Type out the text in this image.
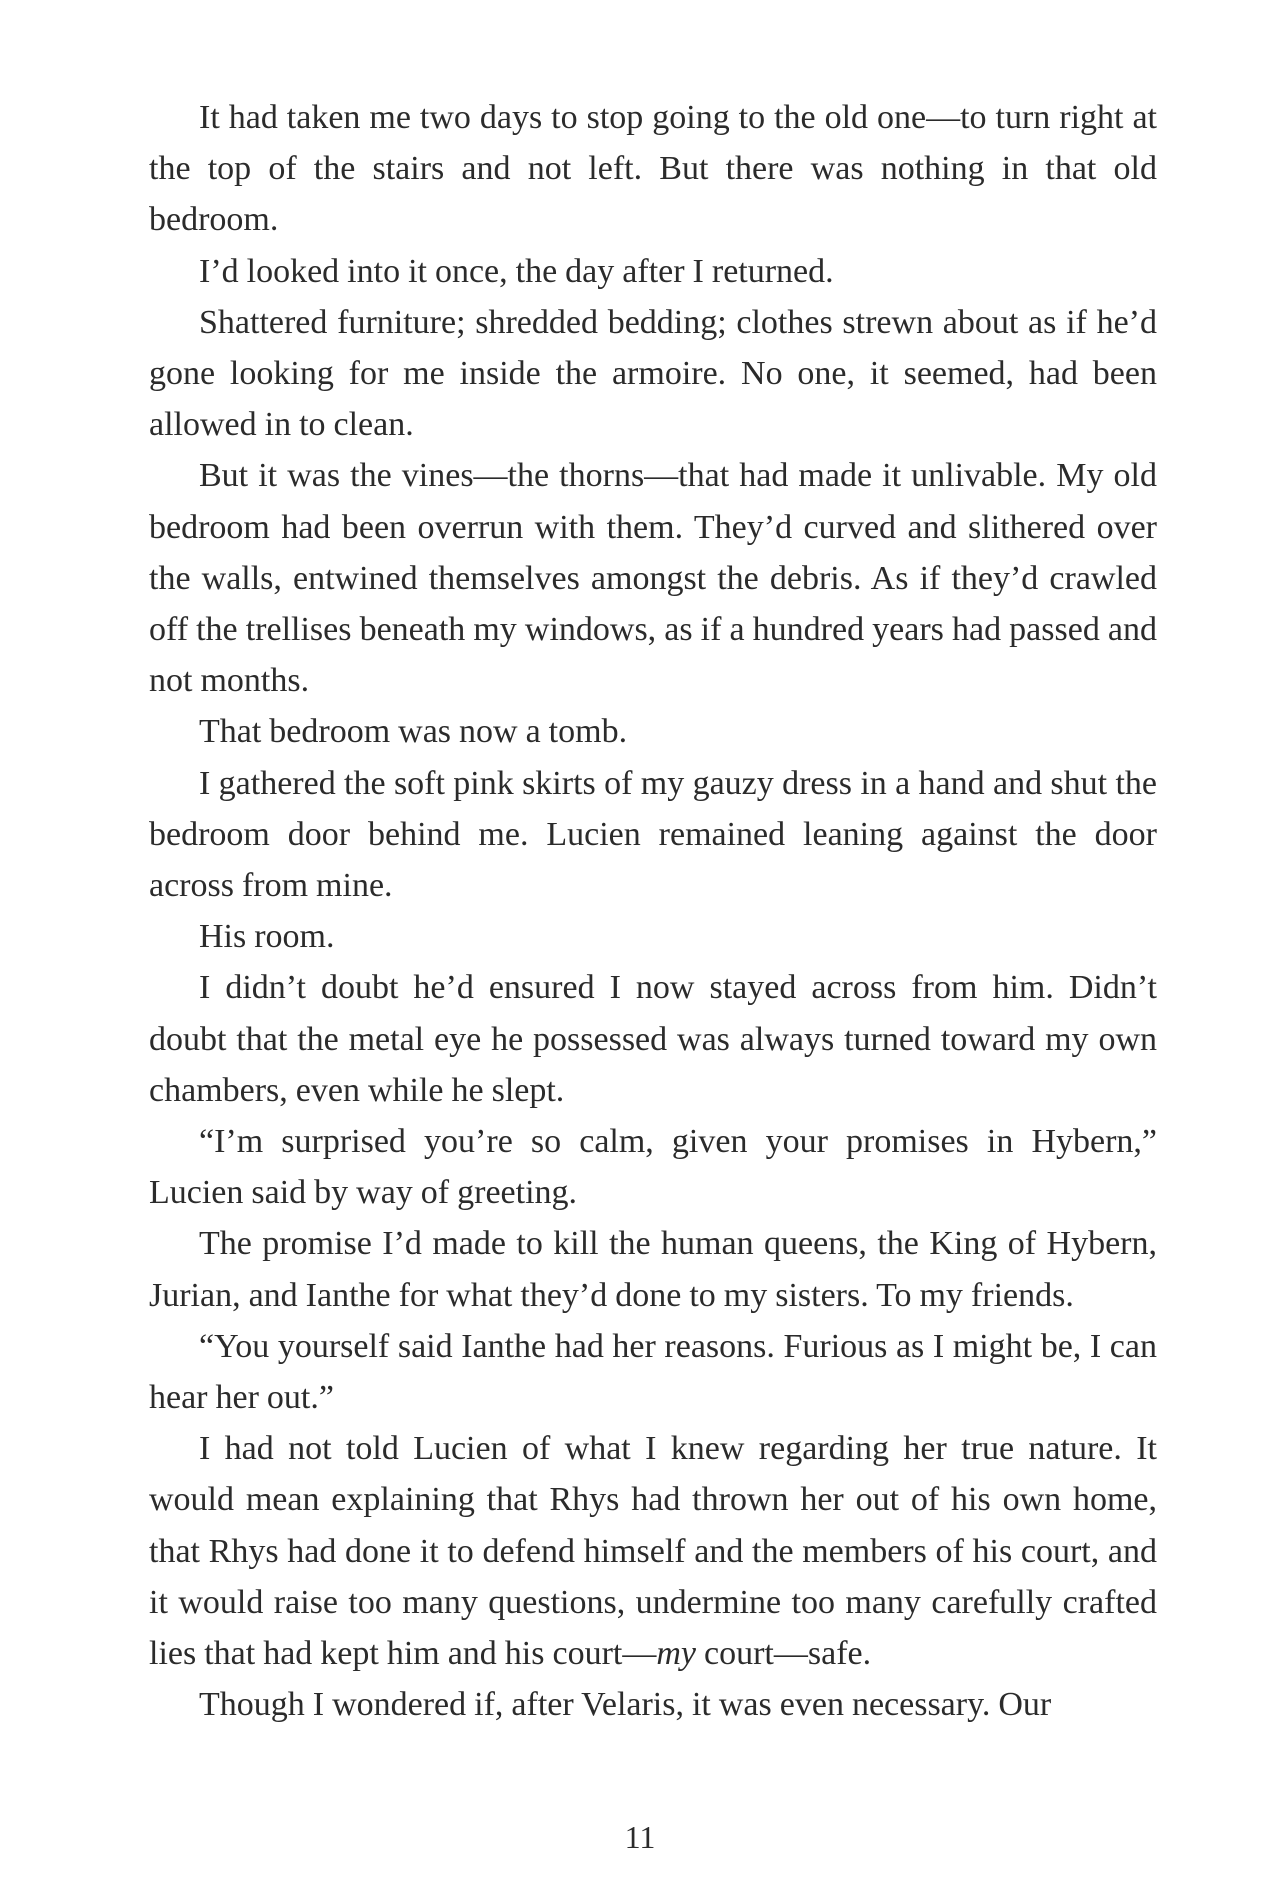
It had taken me two days to stop going to the old one—to turn right at the top of the stairs and not left. But there was nothing in that old bedroom.

I’d looked into it once, the day after I returned.

Shattered furniture; shredded bedding; clothes strewn about as if he’d gone looking for me inside the armoire. No one, it seemed, had been allowed in to clean.

But it was the vines—the thorns—that had made it unlivable. My old bedroom had been overrun with them. They’d curved and slithered over the walls, entwined themselves amongst the debris. As if they’d crawled off the trellises beneath my windows, as if a hundred years had passed and not months.

That bedroom was now a tomb.

I gathered the soft pink skirts of my gauzy dress in a hand and shut the bedroom door behind me. Lucien remained leaning against the door across from mine.

His room.

I didn’t doubt he’d ensured I now stayed across from him. Didn’t doubt that the metal eye he possessed was always turned toward my own chambers, even while he slept.

“I’m surprised you’re so calm, given your promises in Hybern,” Lucien said by way of greeting.

The promise I’d made to kill the human queens, the King of Hybern, Jurian, and Ianthe for what they’d done to my sisters. To my friends.

“You yourself said Ianthe had her reasons. Furious as I might be, I can hear her out.”

I had not told Lucien of what I knew regarding her true nature. It would mean explaining that Rhys had thrown her out of his own home, that Rhys had done it to defend himself and the members of his court, and it would raise too many questions, undermine too many carefully crafted lies that had kept him and his court—my court—safe.

Though I wondered if, after Velaris, it was even necessary. Our

11
